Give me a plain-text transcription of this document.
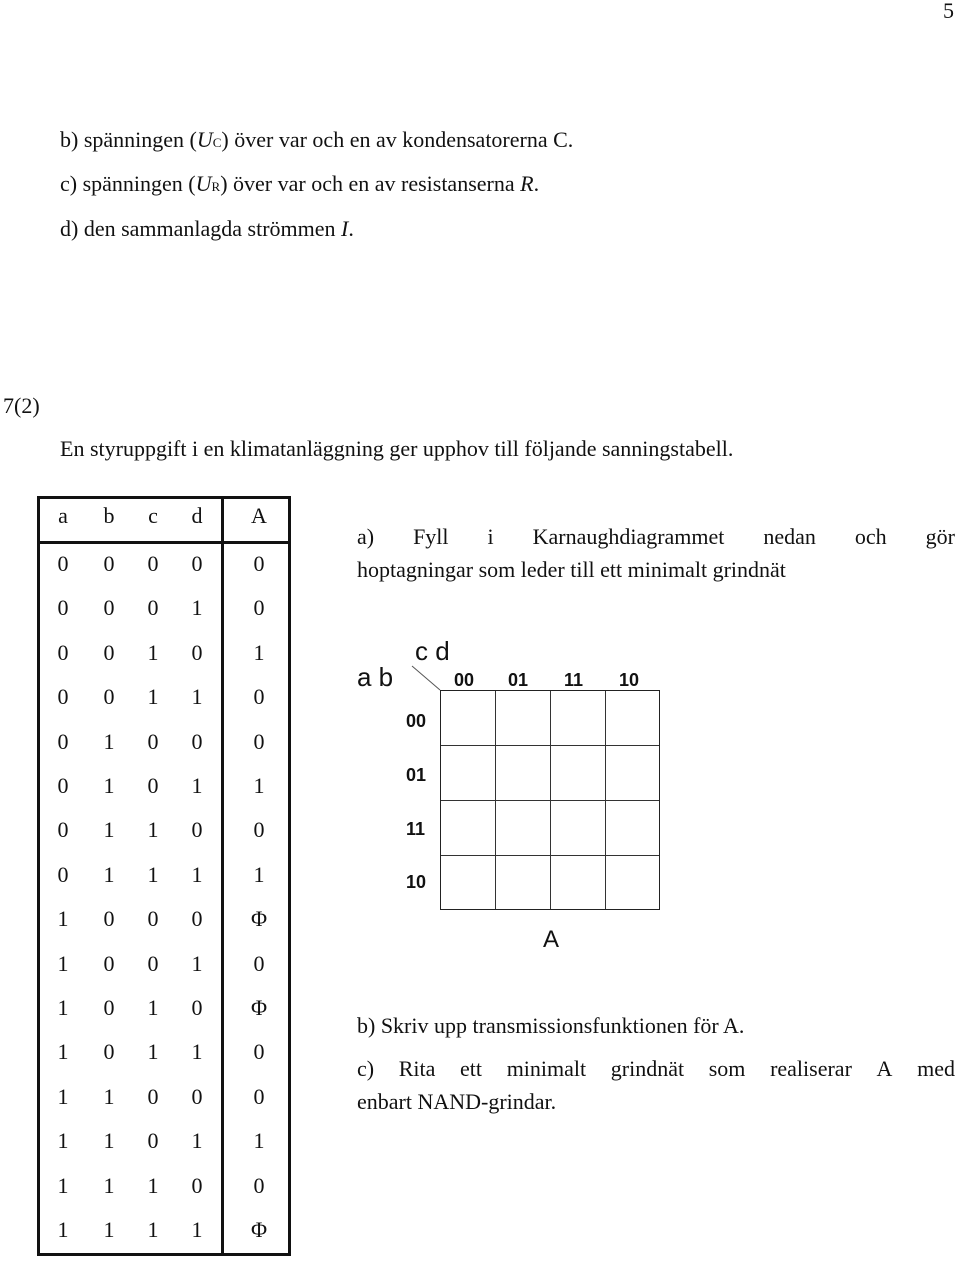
5
b) spänningen (UC) över var och en av kondensatorerna C.
c) spänningen (UR) över var och en av resistanserna R.
d) den sammanlagda strömmen I.
7(2)
En styruppgift i en klimatanläggning ger upphov till följande sanningstabell.
a	b	c	d	A
0	0	0	0	0
0	0	0	1	0
0	0	1	0	1
0	0	1	1	0
0	1	0	0	0
0	1	0	1	1
0	1	1	0	0
0	1	1	1	1
1	0	0	0	Φ
1	0	0	1	0
1	0	1	0	Φ
1	0	1	1	0
1	1	0	0	0
1	1	0	1	1
1	1	1	0	0
1	1	1	1	Φ
a) Fyll i Karnaughdiagrammet nedan och gör
hoptagningar som leder till ett minimalt grindnät
c d
a b	00 01 11 10
00
01
11
10
A
b) Skriv upp transmissionsfunktionen för A.
c) Rita ett minimalt grindnät som realiserar A med
enbart NAND-grindar.
